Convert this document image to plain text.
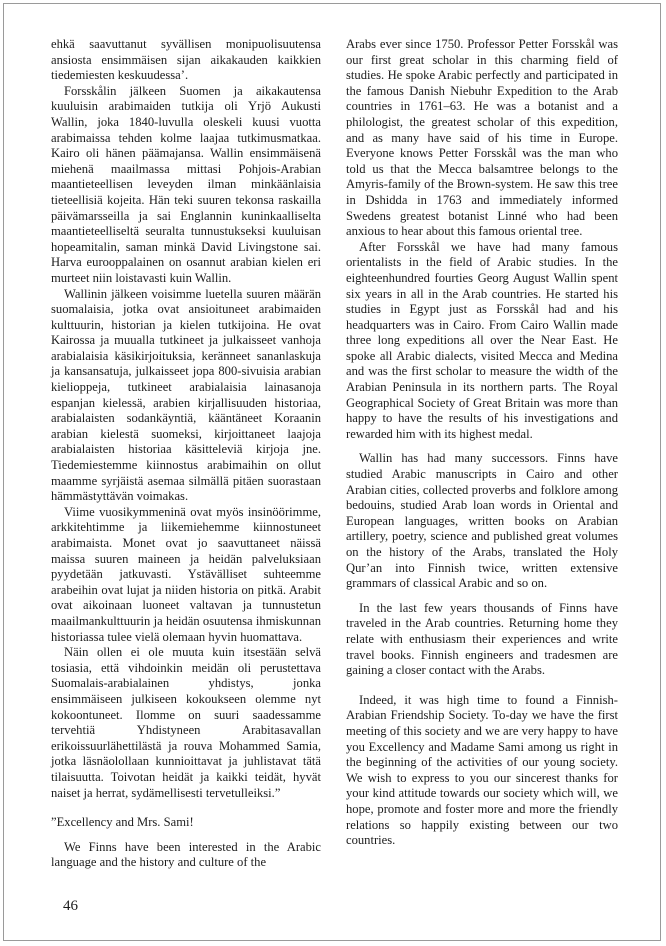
ehkä saavuttanut syvällisen monipuolisuutensa ansiosta ensimmäisen sijan aikakauden kaikkien tiedemiesten keskuudessa’.

Forsskålin jälkeen Suomen ja aikakautensa kuuluisin arabimaiden tutkija oli Yrjö Aukusti Wallin, joka 1840-luvulla oleskeli kuusi vuotta arabimaissa tehden kolme laajaa tutkimusmatkaa. Kairo oli hänen päämajansa. Wallin ensimmäisenä miehenä maailmassa mittasi Pohjois-Arabian maantieteellisen leveyden ilman minkäänlaisia tieteellisiä kojeita. Hän teki suuren tekonsa raskailla päivämarsseilla ja sai Englannin kuninkaalliselta maantieteelliseltä seuralta tunnustukseksi kuuluisan hopeamitalin, saman minkä David Livingstone sai. Harva eurooppalainen on osannut arabian kielen eri murteet niin loistavasti kuin Wallin.

Wallinin jälkeen voisimme luetella suuren määrän suomalaisia, jotka ovat ansioituneet arabimaiden kulttuurin, historian ja kielen tutkijoina. He ovat Kairossa ja muualla tutkineet ja julkaisseet vanhoja arabialaisia käsikirjoituksia, keränneet sananlaskuja ja kansansatuja, julkaisseet jopa 800-sivuisia arabian kielioppeja, tutkineet arabialaisia lainasanoja espanjan kielessä, arabien kirjallisuuden historiaa, arabialaisten sodankäyntiä, kääntäneet Koraanin arabian kielestä suomeksi, kirjoittaneet laajoja arabialaisten historiaa käsitteleviä kirjoja jne. Tiedemiestemme kiinnostus arabimaihin on ollut maamme syrjäistä asemaa silmällä pitäen suorastaan hämmästyttävän voimakas.

Viime vuosikymmeninä ovat myös insinöörimme, arkkitehtimme ja liikemiehemme kiinnostuneet arabimaista. Monet ovat jo saavuttaneet näissä maissa suuren maineen ja heidän palveluksiaan pyydetään jatkuvasti. Ystävälliset suhteemme arabeihin ovat lujat ja niiden historia on pitkä. Arabit ovat aikoinaan luoneet valtavan ja tunnustetun maailmankulttuurin ja heidän osuutensa ihmiskunnan historiassa tulee vielä olemaan hyvin huomattava.

Näin ollen ei ole muuta kuin itsestään selvä tosiasia, että vihdoinkin meidän oli perustettava Suomalais-arabialainen yhdistys, jonka ensimmäiseen julkiseen kokoukseen olemme nyt kokoontuneet. Ilomme on suuri saadessamme tervehtiä Yhdistyneen Arabitasavallan erikoissuurlähettilästä ja rouva Mohammed Samia, jotka läsnäolollaan kunnioittavat ja juhlistavat tätä tilaisuutta. Toivotan heidät ja kaikki teidät, hyvät naiset ja herrat, sydämellisesti tervetulleiksi.”

”Excellency and Mrs. Sami!

We Finns have been interested in the Arabic language and the history and culture of the

Arabs ever since 1750. Professor Petter Forsskål was our first great scholar in this charming field of studies. He spoke Arabic perfectly and participated in the famous Danish Niebuhr Expedition to the Arab countries in 1761–63. He was a botanist and a philologist, the greatest scholar of this expedition, and as many have said of his time in Europe. Everyone knows Petter Forsskål was the man who told us that the Mecca balsamtree belongs to the Amyris-family of the Brown-system. He saw this tree in Dshidda in 1763 and immediately informed Swedens greatest botanist Linné who had been anxious to hear about this famous oriental tree.

After Forsskål we have had many famous orientalists in the field of Arabic studies. In the eighteenhundred fourties Georg August Wallin spent six years in all in the Arab countries. He started his studies in Egypt just as Forsskål had and his headquarters was in Cairo. From Cairo Wallin made three long expeditions all over the Near East. He spoke all Arabic dialects, visited Mecca and Medina and was the first scholar to measure the width of the Arabian Peninsula in its northern parts. The Royal Geographical Society of Great Britain was more than happy to have the results of his investigations and rewarded him with its highest medal.

Wallin has had many successors. Finns have studied Arabic manuscripts in Cairo and other Arabian cities, collected proverbs and folklore among bedouins, studied Arab loan words in Oriental and European languages, written books on Arabian artillery, poetry, science and published great volumes on the history of the Arabs, translated the Holy Qur’an into Finnish twice, written extensive grammars of classical Arabic and so on.

In the last few years thousands of Finns have traveled in the Arab countries. Returning home they relate with enthusiasm their experiences and write travel books. Finnish engineers and tradesmen are gaining a closer contact with the Arabs.

Indeed, it was high time to found a Finnish-Arabian Friendship Society. To-day we have the first meeting of this society and we are very happy to have you Excellency and Madame Sami among us right in the beginning of the activities of our young society. We wish to express to you our sincerest thanks for your kind attitude towards our society which will, we hope, promote and foster more and more the friendly relations so happily existing between our two countries.

46
